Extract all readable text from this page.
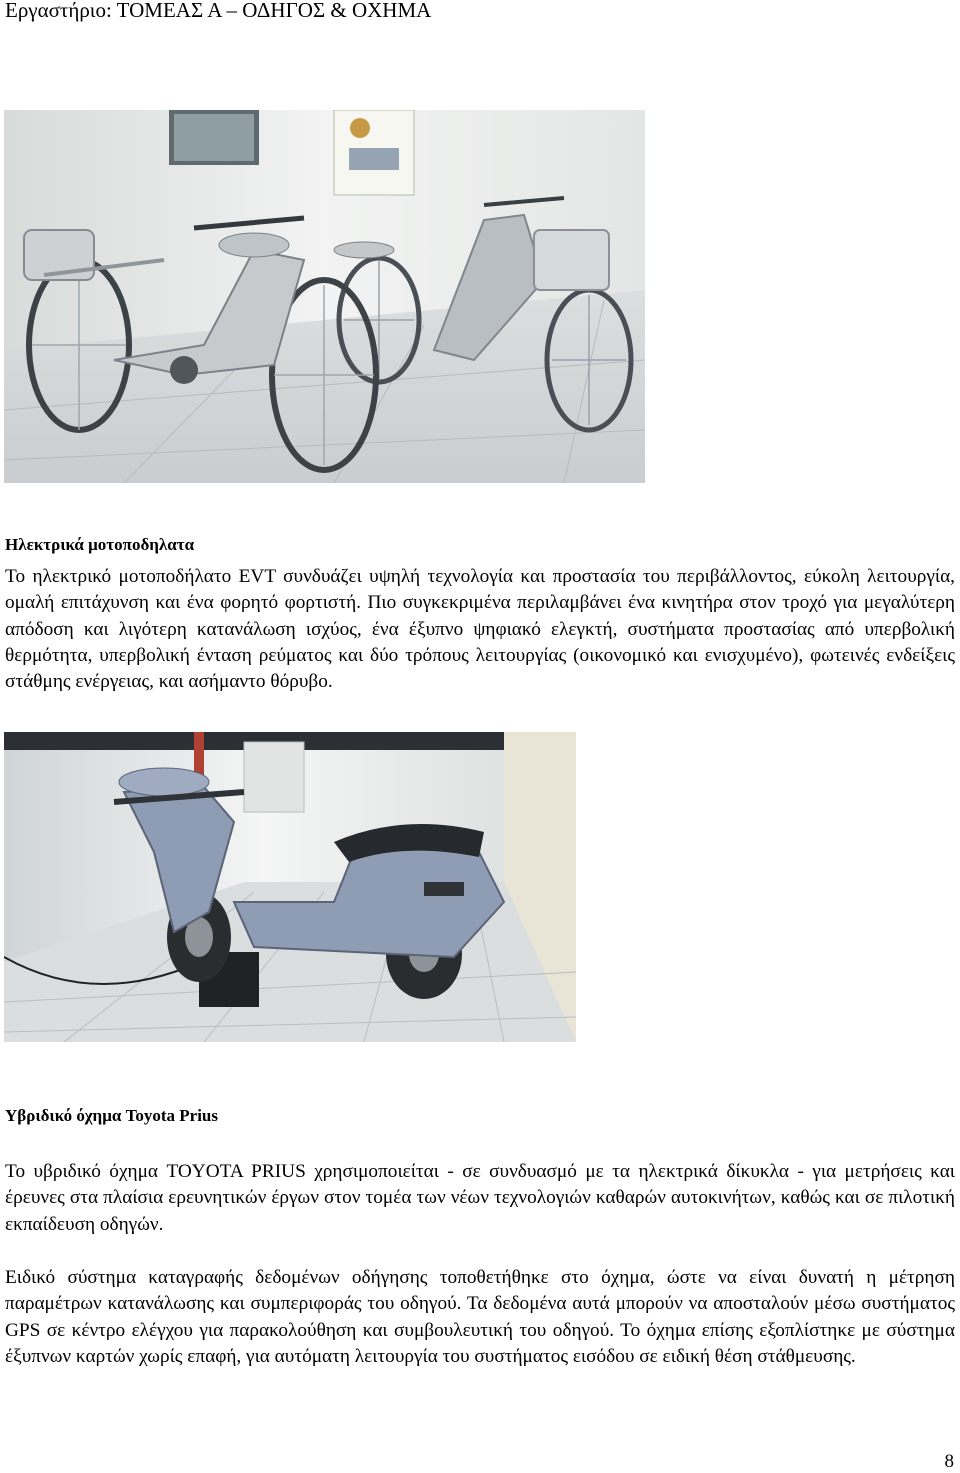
Εργαστήριο: ΤΟΜΕΑΣ Α – ΟΔΗΓΟΣ & ΟΧΗΜΑ
Ηλεκτρικά μοτοποδηλατα

Το ηλεκτρικό μοτοποδήλατο EVT συνδυάζει υψηλή τεχνολογία και προστασία του περιβάλλοντος, εύκολη λειτουργία, ομαλή επιτάχυνση και ένα φορητό φορτιστή. Πιο συγκεκριμένα περιλαμβάνει ένα κινητήρα στον τροχό για μεγαλύτερη απόδοση και λιγότερη κατανάλωση ισχύος, ένα έξυπνο ψηφιακό ελεγκτή, συστήματα προστασίας από υπερβολική θερμότητα, υπερβολική ένταση ρεύματος και δύο τρόπους λειτουργίας (οικονομικό και ενισχυμένο), φωτεινές ενδείξεις στάθμης ενέργειας, και ασήμαντο θόρυβο.

Υβριδικό όχημα Toyota Prius

Το υβριδικό όχημα TOYOTA PRIUS χρησιμοποιείται - σε συνδυασμό με τα ηλεκτρικά δίκυκλα - για μετρήσεις και έρευνες στα πλαίσια ερευνητικών έργων στον τομέα των νέων τεχνολογιών καθαρών αυτοκινήτων, καθώς και σε πιλοτική εκπαίδευση οδηγών.

Ειδικό σύστημα καταγραφής δεδομένων οδήγησης τοποθετήθηκε στο όχημα, ώστε να είναι δυνατή η μέτρηση παραμέτρων κατανάλωσης και συμπεριφοράς του οδηγού. Τα δεδομένα αυτά μπορούν να αποσταλούν μέσω συστήματος GPS σε κέντρο ελέγχου για παρακολούθηση και συμβουλευτική του οδηγού. Το όχημα επίσης εξοπλίστηκε με σύστημα έξυπνων καρτών χωρίς επαφή, για αυτόματη λειτουργία του συστήματος εισόδου σε ειδική θέση στάθμευσης.

8
